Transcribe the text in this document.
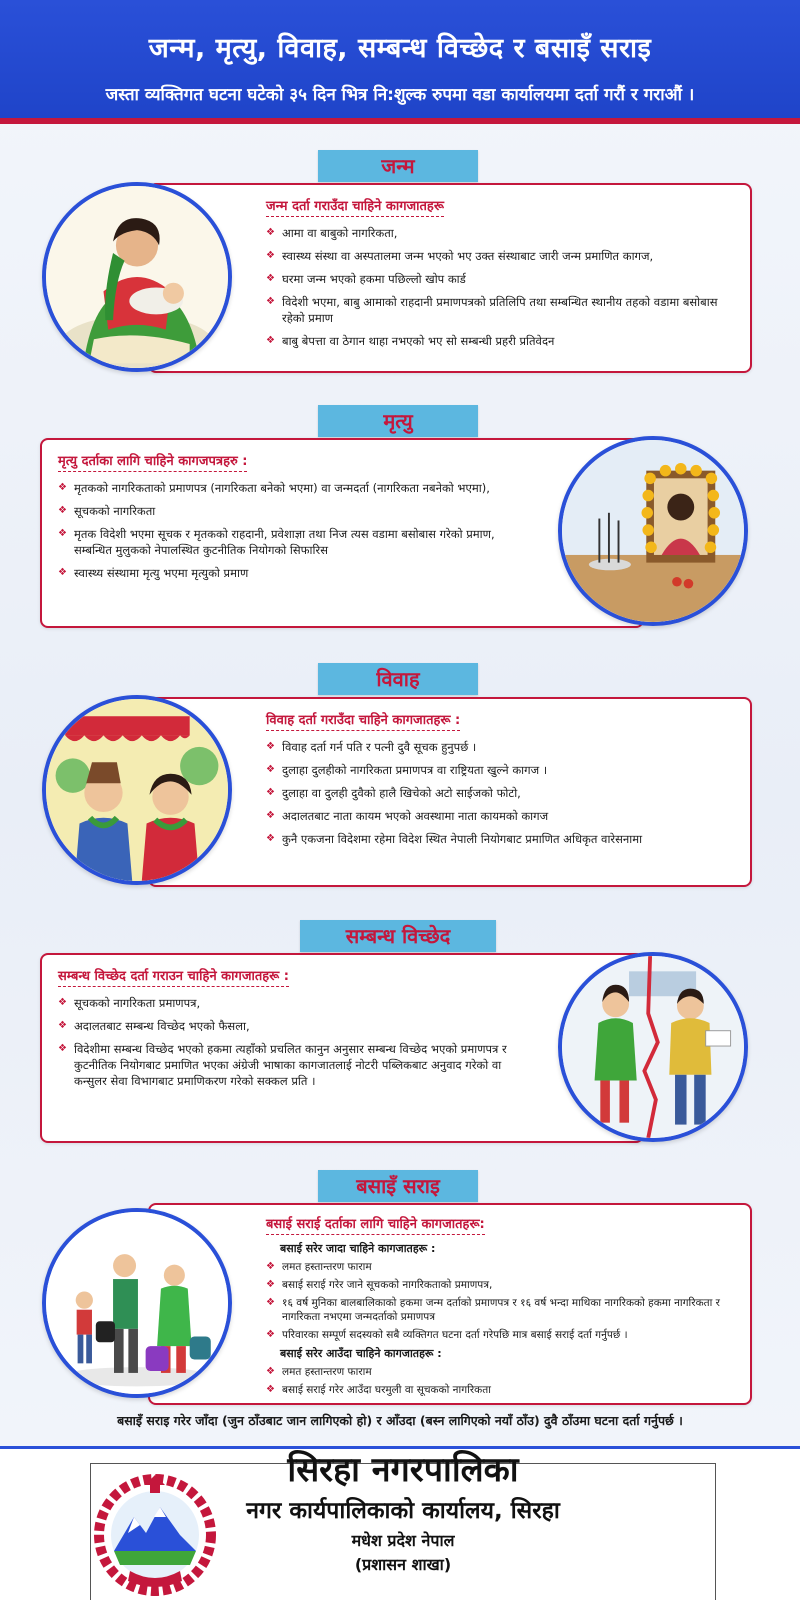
जन्म, मृत्यु, विवाह, सम्बन्ध विच्छेद र बसाइँ सराइ

जस्ता व्यक्तिगत घटना घटेको ३५ दिन भित्र नि:शुल्क रुपमा वडा कार्यालयमा दर्ता गरौं र गराऔं ।

जन्म
जन्म दर्ता गराउँदा चाहिने कागजातहरू
❖ आमा वा बाबुको नागरिकता,
❖ स्वास्थ्य संस्था वा अस्पतालमा जन्म भएको भए उक्त संस्थाबाट जारी जन्म प्रमाणित कागज,
❖ घरमा जन्म भएको हकमा पछिल्लो खोप कार्ड
❖ विदेशी भएमा, बाबु आमाको राहदानी प्रमाणपत्रको प्रतिलिपि तथा सम्बन्धित स्थानीय तहको वडामा बसोबास रहेको प्रमाण
❖ बाबु बेपत्ता वा ठेगान थाहा नभएको भए सो सम्बन्धी प्रहरी प्रतिवेदन
मृत्यु
मृत्यु दर्ताका लागि चाहिने कागजपत्रहरु :
❖ मृतकको नागरिकताको प्रमाणपत्र (नागरिकता बनेको भएमा) वा जन्मदर्ता (नागरिकता नबनेको भएमा),
❖ सूचकको नागरिकता
❖ मृतक विदेशी भएमा सूचक र मृतकको राहदानी, प्रवेशाज्ञा तथा निज त्यस वडामा बसोबास गरेको प्रमाण, सम्बन्धित मुलुकको नेपालस्थित कुटनीतिक नियोगको सिफारिस
❖ स्वास्थ्य संस्थामा मृत्यु भएमा मृत्युको प्रमाण
विवाह
विवाह दर्ता गराउँदा चाहिने कागजातहरू :
❖ विवाह दर्ता गर्न पति र पत्नी दुवै सूचक हुनुपर्छ ।
❖ दुलाहा दुलहीको नागरिकता प्रमाणपत्र वा राष्ट्रियता खुल्ने कागज ।
❖ दुलाहा वा दुलही दुवैको हालै खिचेको अटो साईजको फोटो,
❖ अदालतबाट नाता कायम भएको अवस्थामा नाता कायमको कागज
❖ कुनै एकजना विदेशमा रहेमा विदेश स्थित नेपाली नियोगबाट प्रमाणित अधिकृत वारेसनामा
सम्बन्ध विच्छेद
सम्बन्ध विच्छेद दर्ता गराउन चाहिने कागजातहरू :
❖ सूचकको नागरिकता प्रमाणपत्र,
❖ अदालतबाट सम्बन्ध विच्छेद भएको फैसला,
❖ विदेशीमा सम्बन्ध विच्छेद भएको हकमा त्यहाँको प्रचलित कानुन अनुसार सम्बन्ध विच्छेद भएको प्रमाणपत्र र कुटनीतिक नियोगबाट प्रमाणित भएका अंग्रेजी भाषाका कागजातलाई नोटरी पब्लिकबाट अनुवाद गरेको वा कन्सुलर सेवा विभागबाट प्रमाणिकरण गरेको सक्कल प्रति ।
बसाइँ सराइ
बसाई सराई दर्ताका लागि चाहिने कागजातहरू:
बसाई सरेर जादा चाहिने कागजातहरू :
❖ लमत हस्तान्तरण फाराम
❖ बसाई सराई गरेर जाने सूचकको नागरिकताको प्रमाणपत्र,
❖ १६ वर्ष मुनिका बालबालिकाको हकमा जन्म दर्ताको प्रमाणपत्र र १६ वर्ष भन्दा माथिका नागरिकको हकमा नागरिकता र नागरिकता नभएमा जन्मदर्ताको प्रमाणपत्र
❖ परिवारका सम्पूर्ण सदस्यको सबै व्यक्तिगत घटना दर्ता गरेपछि मात्र बसाई सराई दर्ता गर्नुपर्छ ।
बसाई सरेर आउँदा चाहिने कागजातहरू :
❖ लमत हस्तान्तरण फाराम
❖ बसाई सराई गरेर आउँदा घरमुली वा सूचकको नागरिकता
बसाइँ सराइ गरेर जाँदा (जुन ठाँउबाट जान लागिएको हो) र आँउदा (बस्न लागिएको नयाँ ठाँउ) दुवै ठाँउमा घटना दर्ता गर्नुपर्छ ।
सिरहा नगरपालिका
नगर कार्यपालिकाको कार्यालय, सिरहा
मधेश प्रदेश नेपाल
(प्रशासन शाखा)
